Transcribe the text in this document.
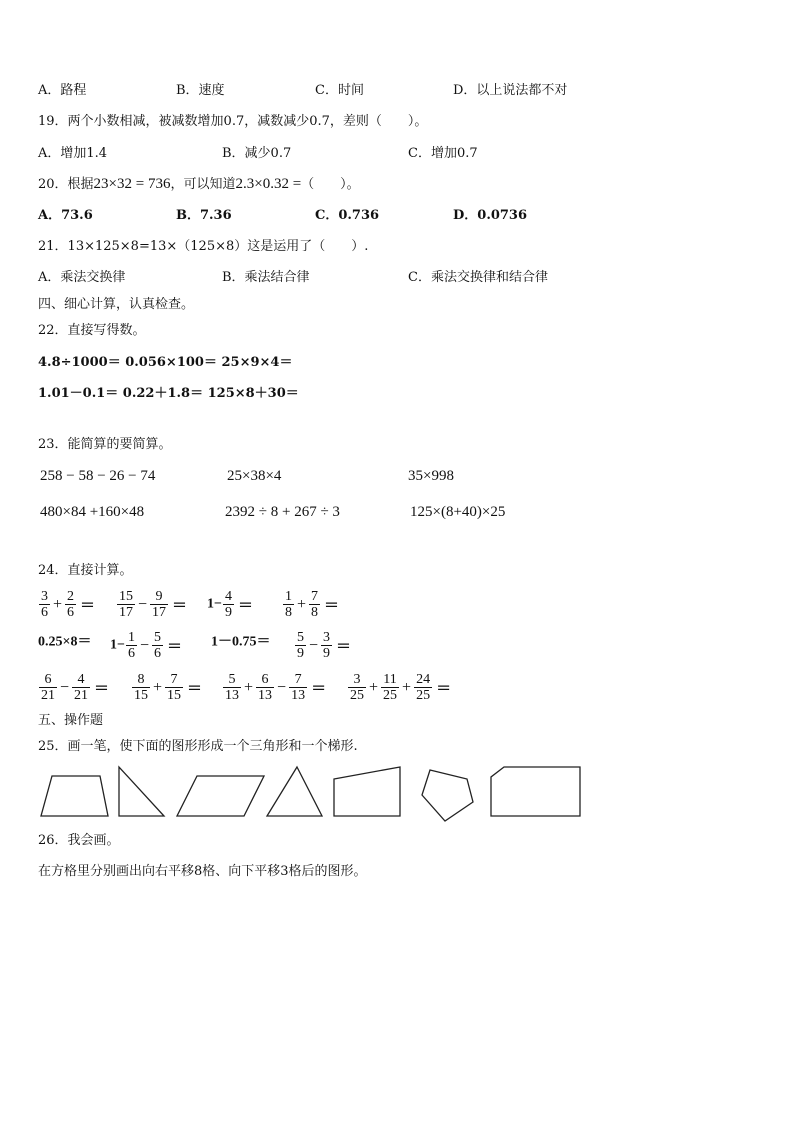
A．路程	B．速度	C．时间	D．以上说法都不对
19．两个小数相减，被减数增加0.7，减数减少0.7，差则（　　）。
A．增加1.4	B．减少0.7	C．增加0.7
20．根据23×32 = 736，可以知道2.3×0.32 =（　　）。
A．73.6	B．7.36	C．0.736	D．0.0736
21．13×125×8=13×（125×8）这是运用了（　　）.
A．乘法交换律	B．乘法结合律	C．乘法交换律和结合律
四、细心计算，认真检查。
22．直接写得数。
4.8÷1000＝ 0.056×100＝ 25×9×4＝
1.01－0.1＝ 0.22＋1.8＝ 125×8＋30＝
23．能简算的要简算。
258 − 58 − 26 − 74	25×38×4	35×998
480×84 +160×48	2392 ÷ 8 + 267 ÷ 3	125×(8+40)×25
24．直接计算。
$\frac{3}{6} + \frac{2}{6} = \frac{15}{17} - \frac{9}{17} = 1- \frac{4}{9} = \frac{1}{8} + \frac{7}{8}$ ＝
$0.25\times 8= 1- \frac{1}{6} - \frac{5}{6} = 1-0.75= \frac{5}{9} - \frac{3}{9}$ ＝
$\frac{6}{21} - \frac{4}{21} = \frac{8}{15} + \frac{7}{15} = \frac{5}{13} + \frac{6}{13} - \frac{7}{13} = \frac{3}{25} + \frac{11}{25} + \frac{24}{25}$ ＝
五、操作题
25．画一笔，使下面的图形形成一个三角形和一个梯形.
26．我会画。
在方格里分别画出向右平移8格、向下平移3格后的图形。
